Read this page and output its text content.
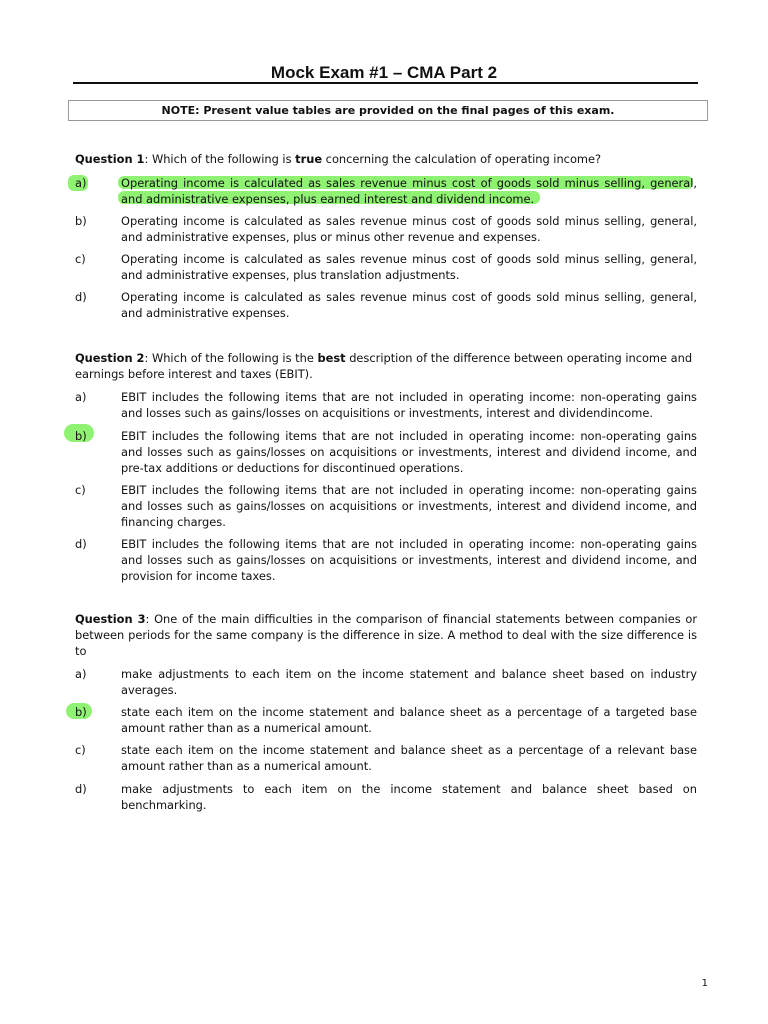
Mock Exam #1 – CMA Part 2
NOTE: Present value tables are provided on the final pages of this exam.
Question 1: Which of the following is true concerning the calculation of operating income?
a)	Operating income is calculated as sales revenue minus cost of goods sold minus selling, general, and administrative expenses, plus earned interest and dividend income.
b)	Operating income is calculated as sales revenue minus cost of goods sold minus selling, general, and administrative expenses, plus or minus other revenue and expenses.
c)	Operating income is calculated as sales revenue minus cost of goods sold minus selling, general, and administrative expenses, plus translation adjustments.
d)	Operating income is calculated as sales revenue minus cost of goods sold minus selling, general, and administrative expenses.
Question 2: Which of the following is the best description of the difference between operating income and earnings before interest and taxes (EBIT).
a)	EBIT includes the following items that are not included in operating income: non-operating gains and losses such as gains/losses on acquisitions or investments, interest and dividendincome.
b)	EBIT includes the following items that are not included in operating income: non-operating gains and losses such as gains/losses on acquisitions or investments, interest and dividend income, and pre-tax additions or deductions for discontinued operations.
c)	EBIT includes the following items that are not included in operating income: non-operating gains and losses such as gains/losses on acquisitions or investments, interest and dividend income, and financing charges.
d)	EBIT includes the following items that are not included in operating income: non-operating gains and losses such as gains/losses on acquisitions or investments, interest and dividend income, and provision for income taxes.
Question 3: One of the main difficulties in the comparison of financial statements between companies or between periods for the same company is the difference in size. A method to deal with the size difference is to
a)	make adjustments to each item on the income statement and balance sheet based on industry averages.
b)	state each item on the income statement and balance sheet as a percentage of a targeted base amount rather than as a numerical amount.
c)	state each item on the income statement and balance sheet as a percentage of a relevant base amount rather than as a numerical amount.
d)	make adjustments to each item on the income statement and balance sheet based on benchmarking.
1
